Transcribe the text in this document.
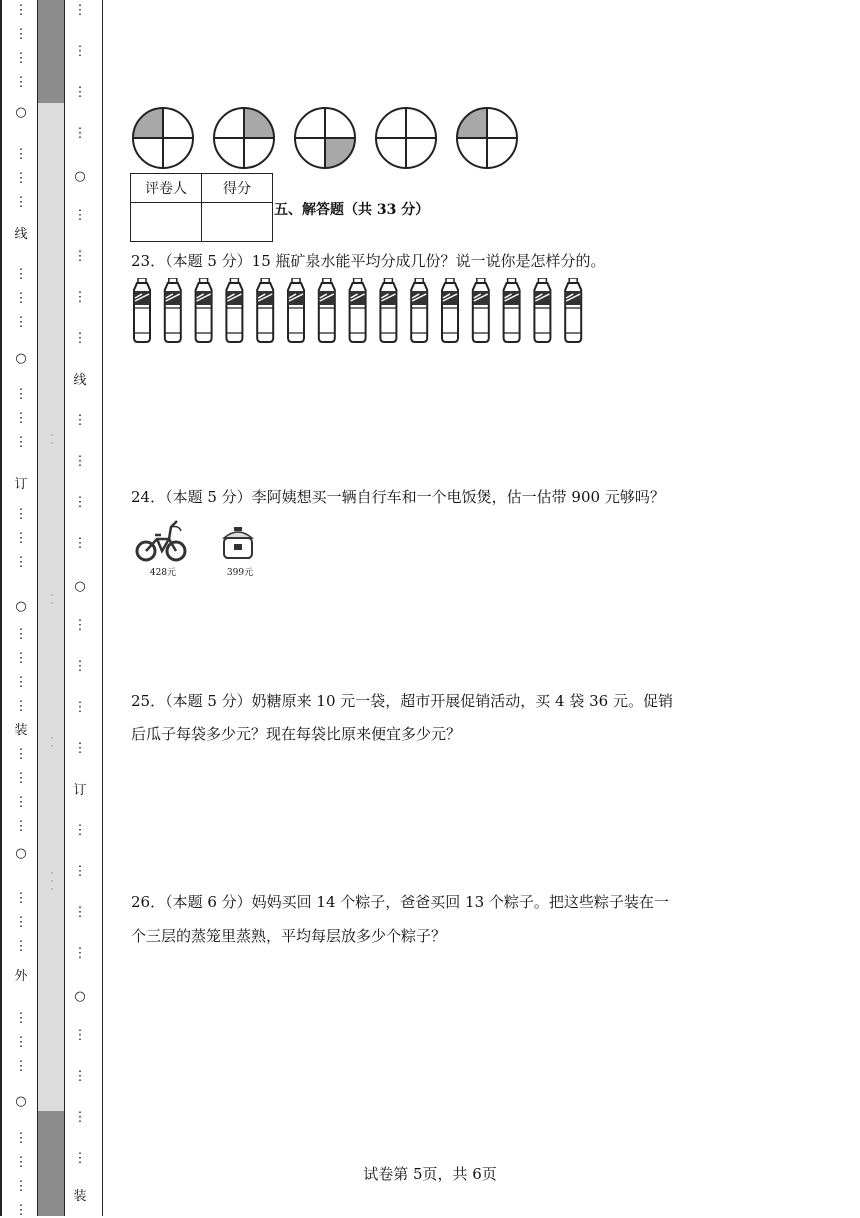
⋮
⋮
⋮
⋮
⋮
⋮
⋮
⋮
⋮
⋮
⋮
⋮
⋮
⋮
⋮
⋮
⋮
⋮
⋮
⋮
⋮
⋮
⋮
⋮
⋮
⋮
⋮
⋮
⋮
⋮
⋮
⋮
⋮
⋮
○
线
○
订
○
装
○
外
○
⋮
⋮
⋮
⋮
⋮
⋮
⋮
⋮
⋮
⋮
⋮
⋮
⋮
⋮
⋮
⋮
⋮
⋮
⋮
⋮
⋮
⋮
⋮
⋮
○
线
○
订
○
装
·
·
·
·
·
·
·
·
·
评卷人	得分

五、解答题（共 33 分）
23．（本题 5 分）15 瓶矿泉水能平均分成几份？说一说你是怎样分的。
24．（本题 5 分）李阿姨想买一辆自行车和一个电饭煲，估一估带 900 元够吗？
428元	399元
25．（本题 5 分）奶糖原来 10 元一袋，超市开展促销活动，买 4 袋 36 元。促销
后瓜子每袋多少元？现在每袋比原来便宜多少元？
26．（本题 6 分）妈妈买回 14 个粽子，爸爸买回 13 个粽子。把这些粽子装在一
个三层的蒸笼里蒸熟，平均每层放多少个粽子？
试卷第 5页，共 6页
